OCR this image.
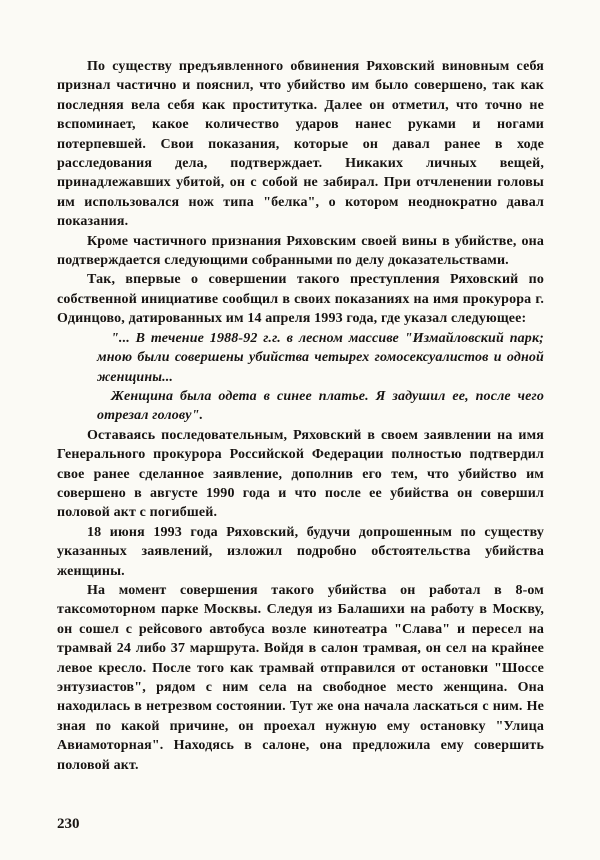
По существу предъявленного обвинения Ряховский виновным себя признал частично и пояснил, что убийство им было совершено, так как последняя вела себя как проститутка. Далее он отметил, что точно не вспоминает, какое количество ударов нанес руками и ногами потерпевшей. Свои показания, которые он давал ранее в ходе расследования дела, подтверждает. Никаких личных вещей, принадлежавших убитой, он с собой не забирал. При отчленении головы им использовался нож типа "белка", о котором неоднократно давал показания.

Кроме частичного признания Ряховским своей вины в убийстве, она подтверждается следующими собранными по делу доказательствами.

Так, впервые о совершении такого преступления Ряховский по собственной инициативе сообщил в своих показаниях на имя прокурора г. Одинцово, датированных им 14 апреля 1993 года, где указал следующее:

"... В течение 1988-92 г.г. в лесном массиве "Измайловский парк; мною были совершены убийства четырех гомосексуалистов и одной женщины...

Женщина была одета в синее платье. Я задушил ее, после чего отрезал голову".

Оставаясь последовательным, Ряховский в своем заявлении на имя Генерального прокурора Российской Федерации полностью подтвердил свое ранее сделанное заявление, дополнив его тем, что убийство им совершено в августе 1990 года и что после ее убийства он совершил половой акт с погибшей.

18 июня 1993 года Ряховский, будучи допрошенным по существу указанных заявлений, изложил подробно обстоятельства убийства женщины.

На момент совершения такого убийства он работал в 8-ом таксомоторном парке Москвы. Следуя из Балашихи на работу в Москву, он сошел с рейсового автобуса возле кинотеатра "Слава" и пересел на трамвай 24 либо 37 маршрута. Войдя в салон трамвая, он сел на крайнее левое кресло. После того как трамвай отправился от остановки "Шоссе энтузиастов", рядом с ним села на свободное место женщина. Она находилась в нетрезвом состоянии. Тут же она начала ласкаться с ним. Не зная по какой причине, он проехал нужную ему остановку "Улица Авиамоторная". Находясь в салоне, она предложила ему совершить половой акт.

230
